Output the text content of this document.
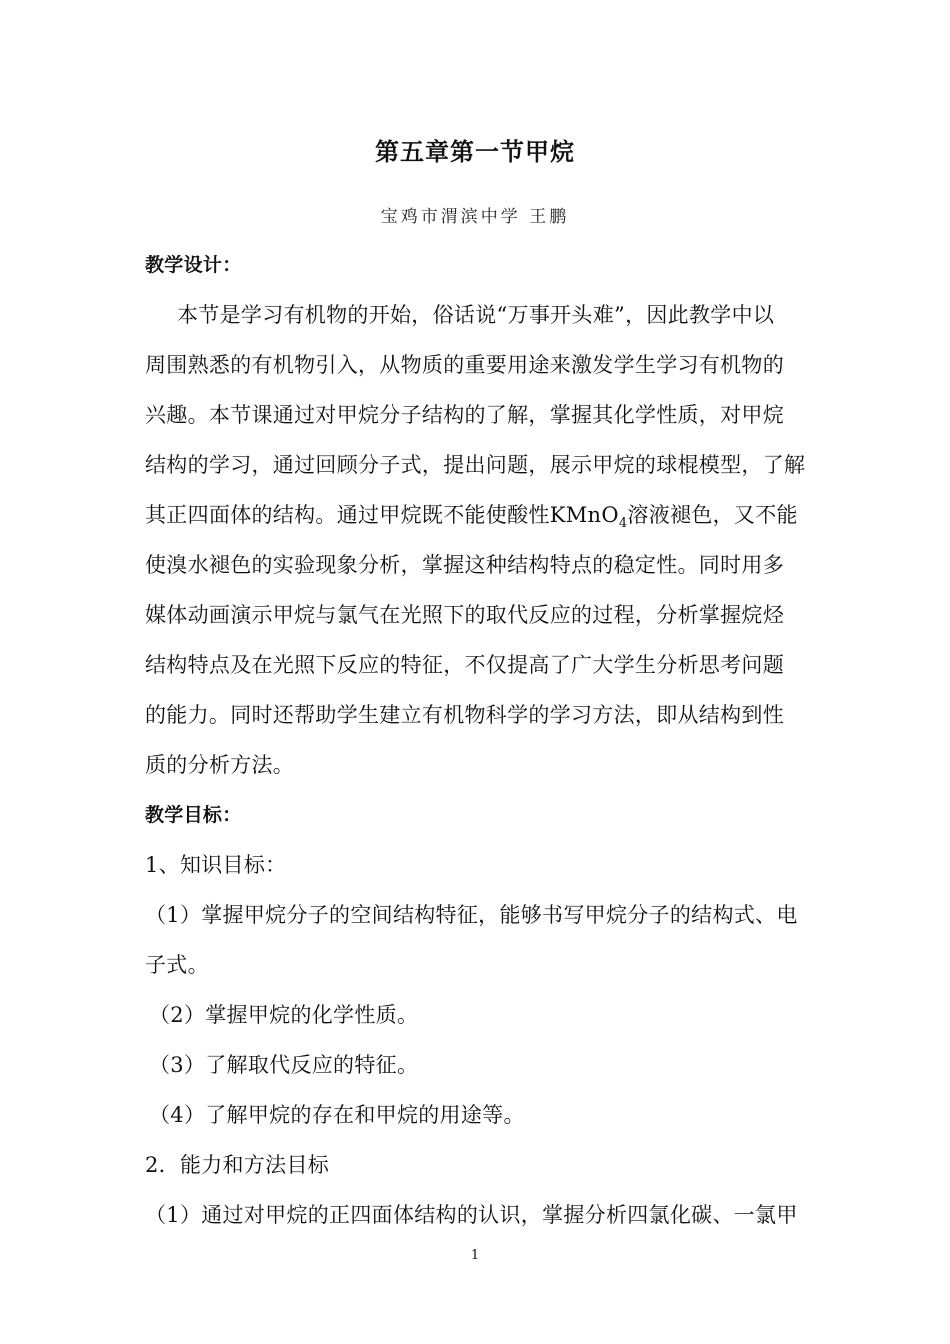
第五章第一节甲烷
宝鸡市渭滨中学 王鹏
教学设计：
本节是学习有机物的开始，俗话说“万事开头难”，因此教学中以
周围熟悉的有机物引入，从物质的重要用途来激发学生学习有机物的
兴趣。本节课通过对甲烷分子结构的了解，掌握其化学性质，对甲烷
结构的学习，通过回顾分子式，提出问题，展示甲烷的球棍模型，了解
其正四面体的结构。通过甲烷既不能使酸性KMnO$_4$溶液褪色，又不能
使溴水褪色的实验现象分析，掌握这种结构特点的稳定性。同时用多
媒体动画演示甲烷与氯气在光照下的取代反应的过程，分析掌握烷烃
结构特点及在光照下反应的特征，不仅提高了广大学生分析思考问题
的能力。同时还帮助学生建立有机物科学的学习方法，即从结构到性
质的分析方法。
教学目标：
1、知识目标：
（1）掌握甲烷分子的空间结构特征，能够书写甲烷分子的结构式、电
子式。
（2）掌握甲烷的化学性质。
（3）了解取代反应的特征。
（4）了解甲烷的存在和甲烷的用途等。
2．能力和方法目标
（1）通过对甲烷的正四面体结构的认识，掌握分析四氯化碳、一氯甲
1
